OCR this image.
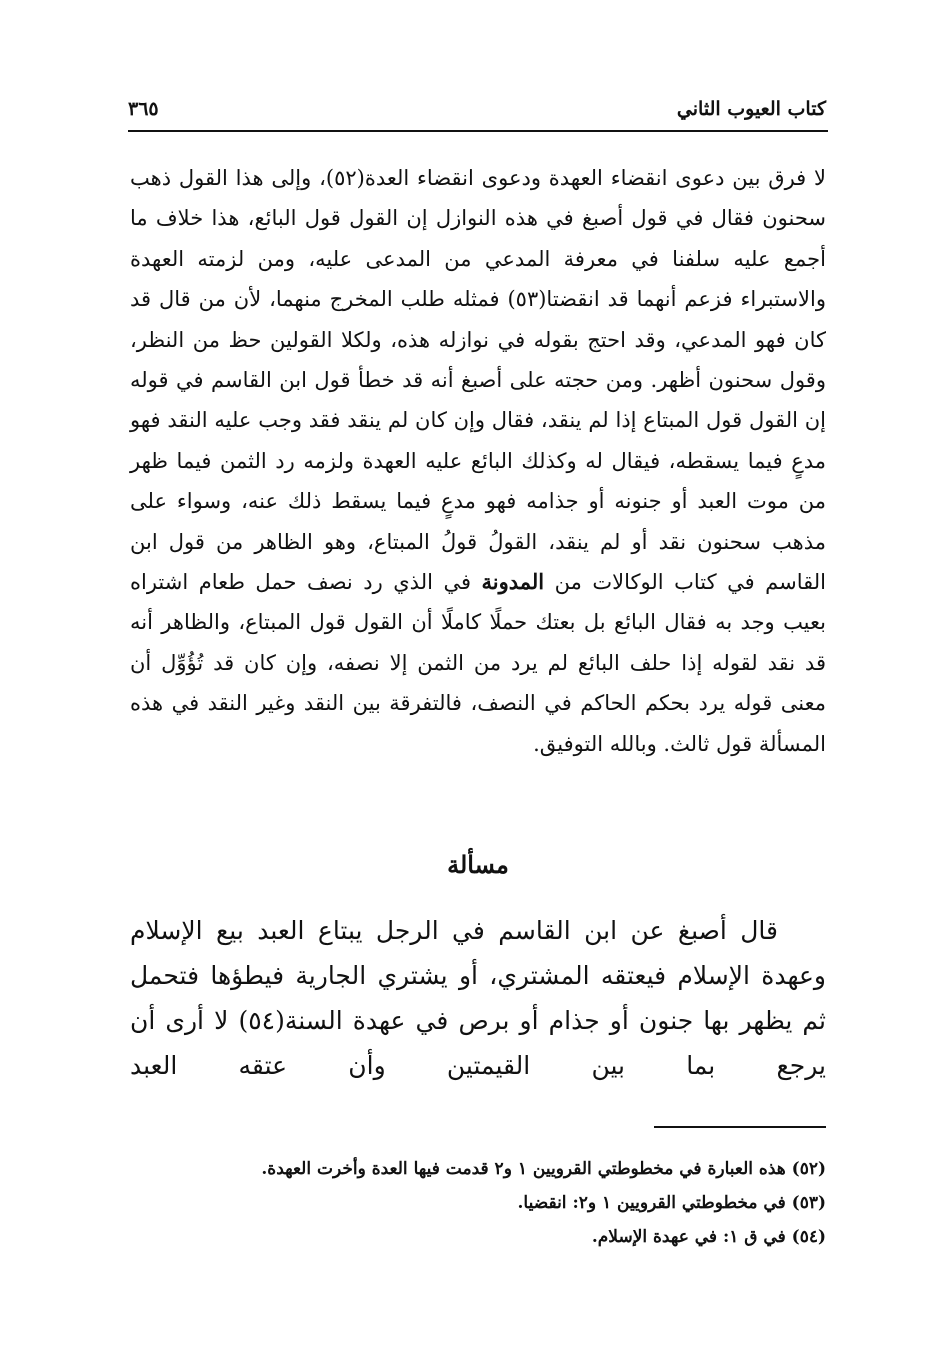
كتاب العيوب الثاني
٣٦٥

لا فرق بين دعوى انقضاء العهدة ودعوى انقضاء العدة(٥٢)، وإلى هذا القول ذهب سحنون فقال في قول أصبغ في هذه النوازل إن القول قول البائع، هذا خلاف ما أجمع عليه سلفنا في معرفة المدعي من المدعى عليه، ومن لزمته العهدة والاستبراء فزعم أنهما قد انقضتا(٥٣) فمثله طلب المخرج منهما، لأن من قال قد كان فهو المدعي، وقد احتج بقوله في نوازله هذه، ولكلا القولين حظ من النظر، وقول سحنون أظهر. ومن حجته على أصبغ أنه قد خطأ قول ابن القاسم في قوله إن القول قول المبتاع إذا لم ينقد، فقال وإن كان لم ينقد فقد وجب عليه النقد فهو مدعٍ فيما يسقطه، فيقال له وكذلك البائع عليه العهدة ولزمه رد الثمن فيما ظهر من موت العبد أو جنونه أو جذامه فهو مدعٍ فيما يسقط ذلك عنه، وسواء على مذهب سحنون نقد أو لم ينقد، القولُ قولُ المبتاع، وهو الظاهر من قول ابن القاسم في كتاب الوكالات من المدونة في الذي رد نصف حمل طعام اشتراه بعيب وجد به فقال البائع بل بعتك حملًا كاملًا أن القول قول المبتاع، والظاهر أنه قد نقد لقوله إذا حلف البائع لم يرد من الثمن إلا نصفه، وإن كان قد تُؤُوِّل أن معنى قوله يرد بحكم الحاكم في النصف، فالتفرقة بين النقد وغير النقد في هذه المسألة قول ثالث. وبالله التوفيق.

مسألة

قال أصبغ عن ابن القاسم في الرجل يبتاع العبد بيع الإسلام وعهدة الإسلام فيعتقه المشتري، أو يشتري الجارية فيطؤها فتحمل ثم يظهر بها جنون أو جذام أو برص في عهدة السنة(٥٤) لا أرى أن يرجع بما بين القيمتين وأن عتقه العبد

(٥٢) هذه العبارة في مخطوطتي القرويين ١ و٢ قدمت فيها العدة وأخرت العهدة.
(٥٣) في مخطوطتي القرويين ١ و٢: انقضيا.
(٥٤) في ق ١: في عهدة الإسلام.
